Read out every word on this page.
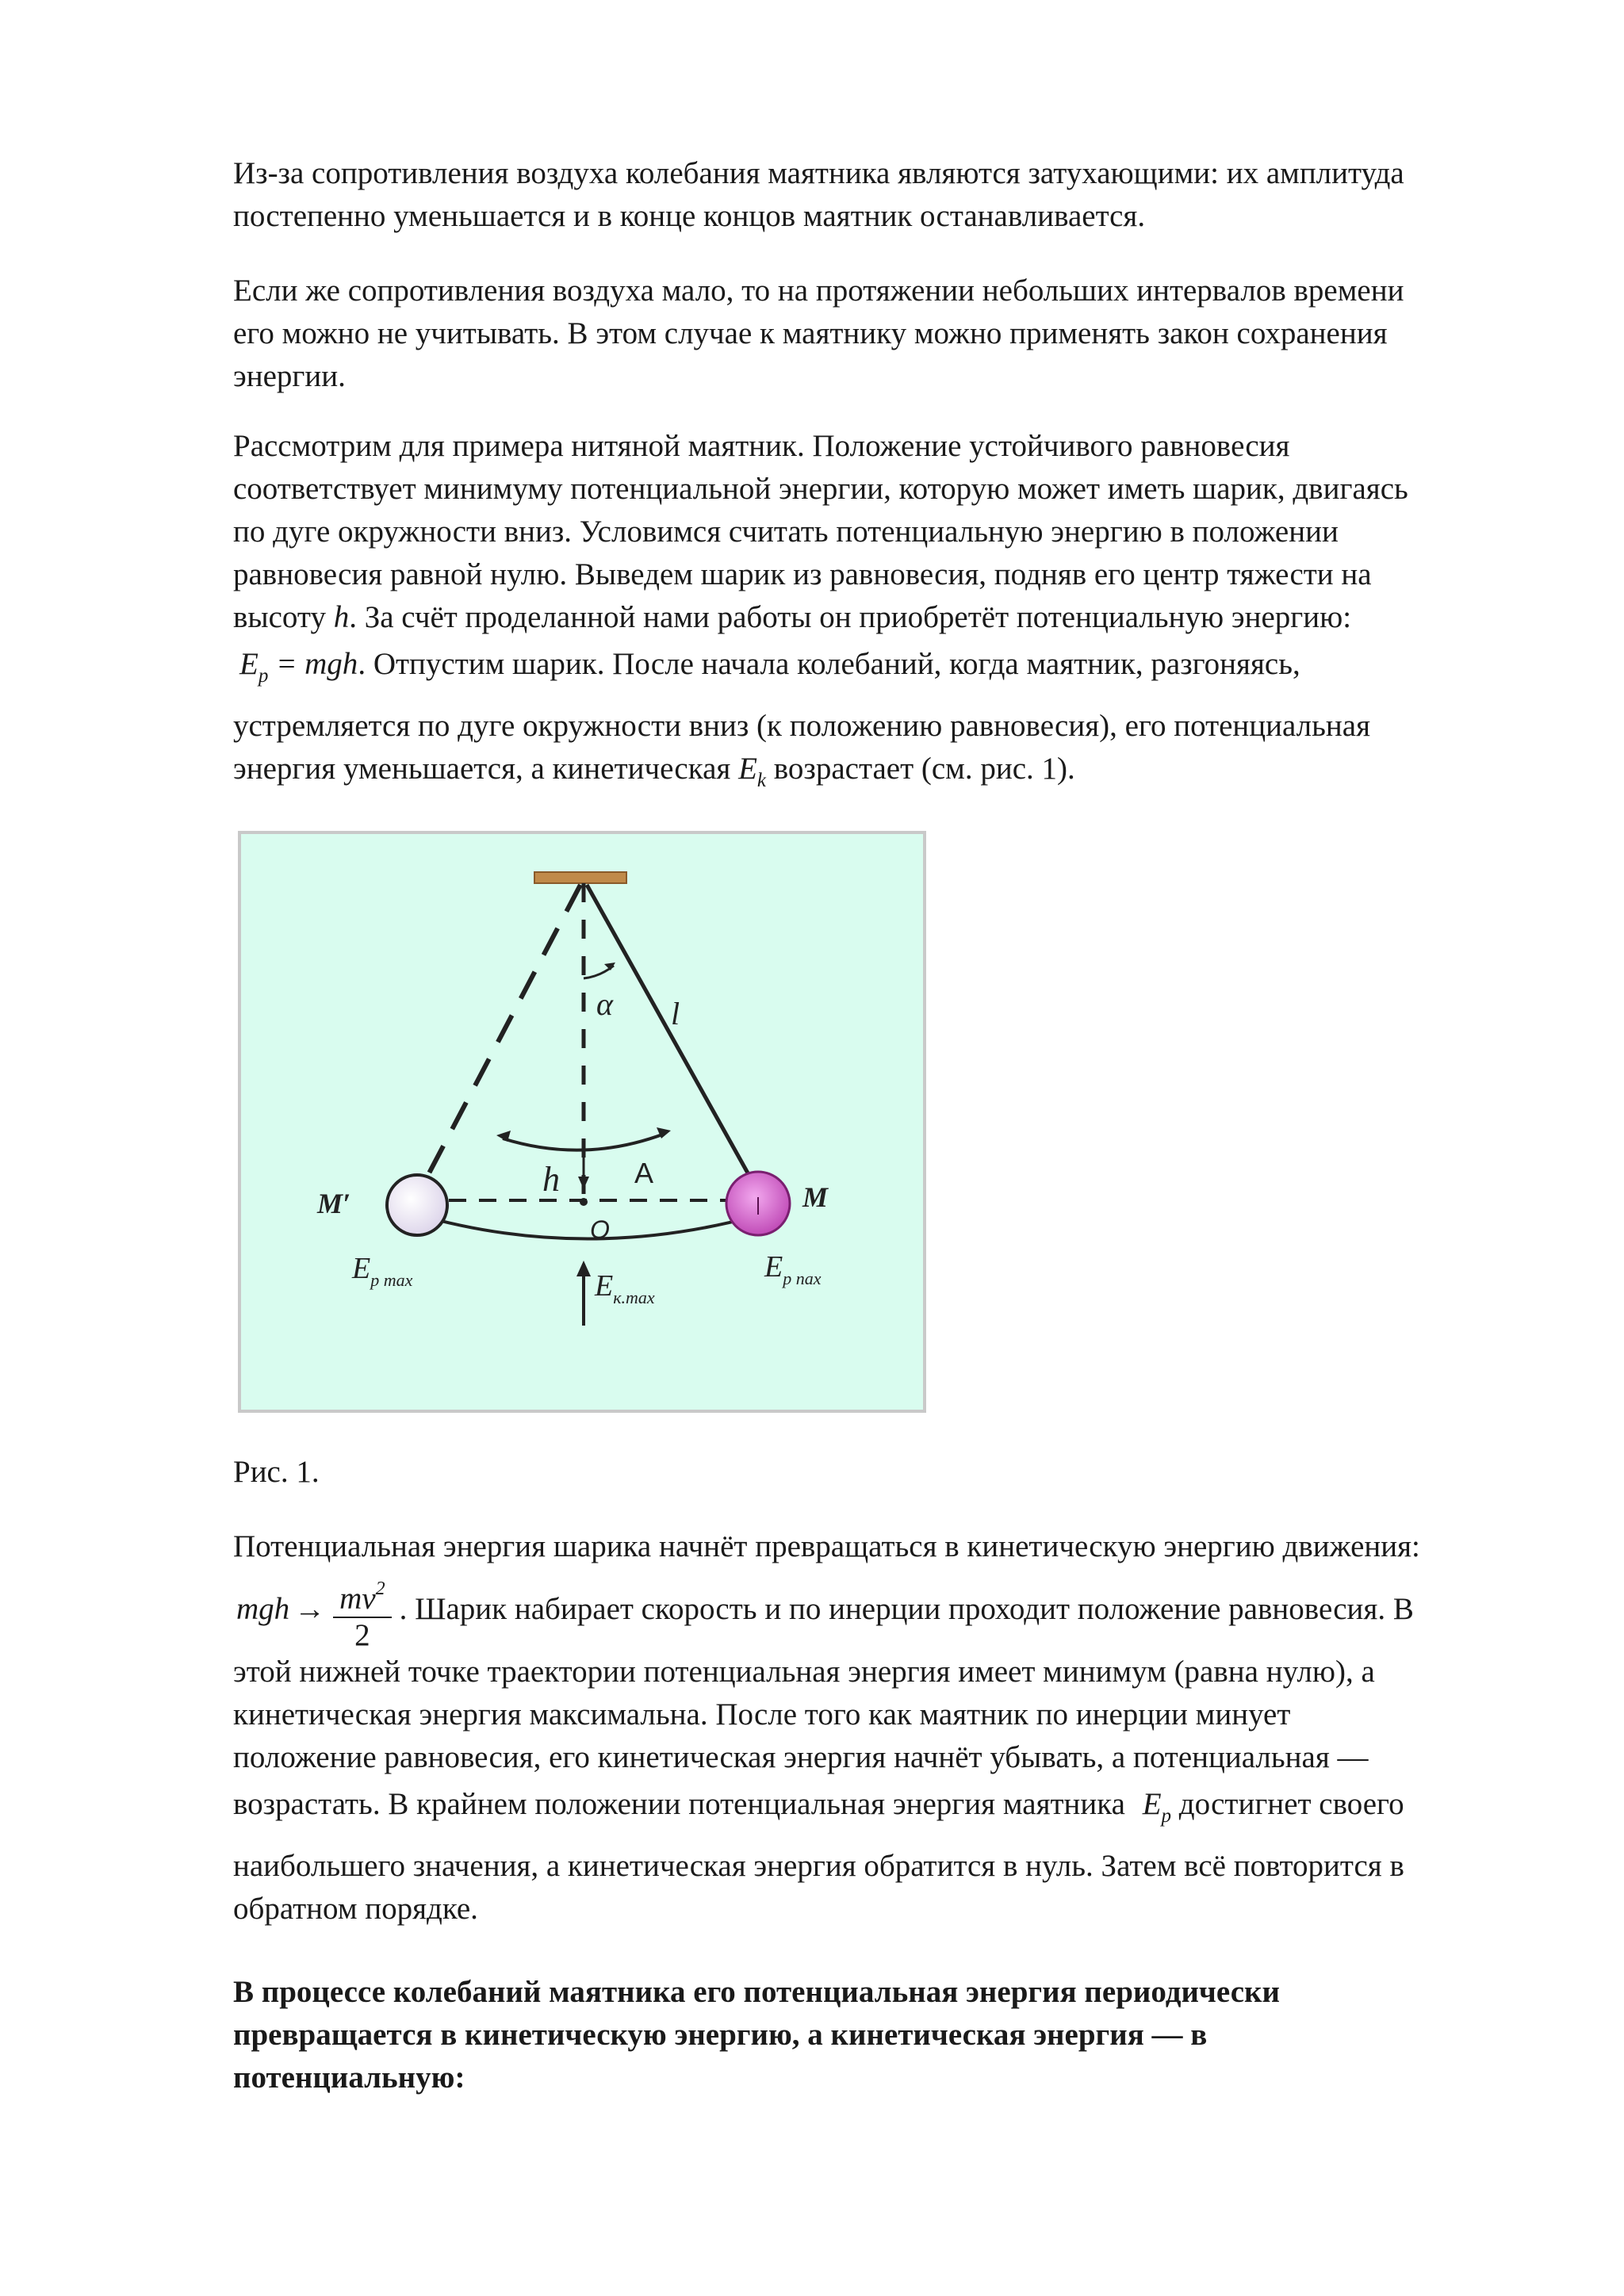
Из-за сопротивления воздуха колебания маятника являются затухающими: их амплитуда
постепенно уменьшается и в конце концов маятник останавливается.

Если же сопротивления воздуха мало, то на протяжении небольших интервалов времени
его можно не учитывать. В этом случае к маятнику можно применять закон сохранения
энергии.

Рассмотрим для примера нитяной маятник. Положение устойчивого равновесия
соответствует минимуму потенциальной энергии, которую может иметь шарик, двигаясь
по дуге окружности вниз. Условимся считать потенциальную энергию в положении
равновесия равной нулю. Выведем шарик из равновесия, подняв его центр тяжести на
высоту h. За счёт проделанной нами работы он приобретёт потенциальную энергию:
$E_p$ = mgh. Отпустим шарик. После начала колебаний, когда маятник, разгоняясь,
устремляется по дуге окружности вниз (к положению равновесия), его потенциальная
энергия уменьшается, а кинетическая $E_k$ возрастает (см. рис. 1).
α l
h	A
O
M′	M
$E_{p max}$	$E_{к.max}$
$E_{p nax}$
Рис. 1.
Потенциальная энергия шарика начнёт превращаться в кинетическую энергию движения:
mgh → $\frac{mv^2}{2}$ . Шарик набирает скорость и по инерции проходит положение равновесия. В
этой нижней точке траектории потенциальная энергия имеет минимум (равна нулю), а
кинетическая энергия максимальна. После того как маятник по инерции минует
положение равновесия, его кинетическая энергия начнёт убывать, а потенциальная —
возрастать. В крайнем положении потенциальная энергия маятника $E_p$ достигнет своего
наибольшего значения, а кинетическая энергия обратится в нуль. Затем всё повторится в
обратном порядке.

В процессе колебаний маятника его потенциальная энергия периодически
превращается в кинетическую энергию, а кинетическая энергия — в
потенциальную:
